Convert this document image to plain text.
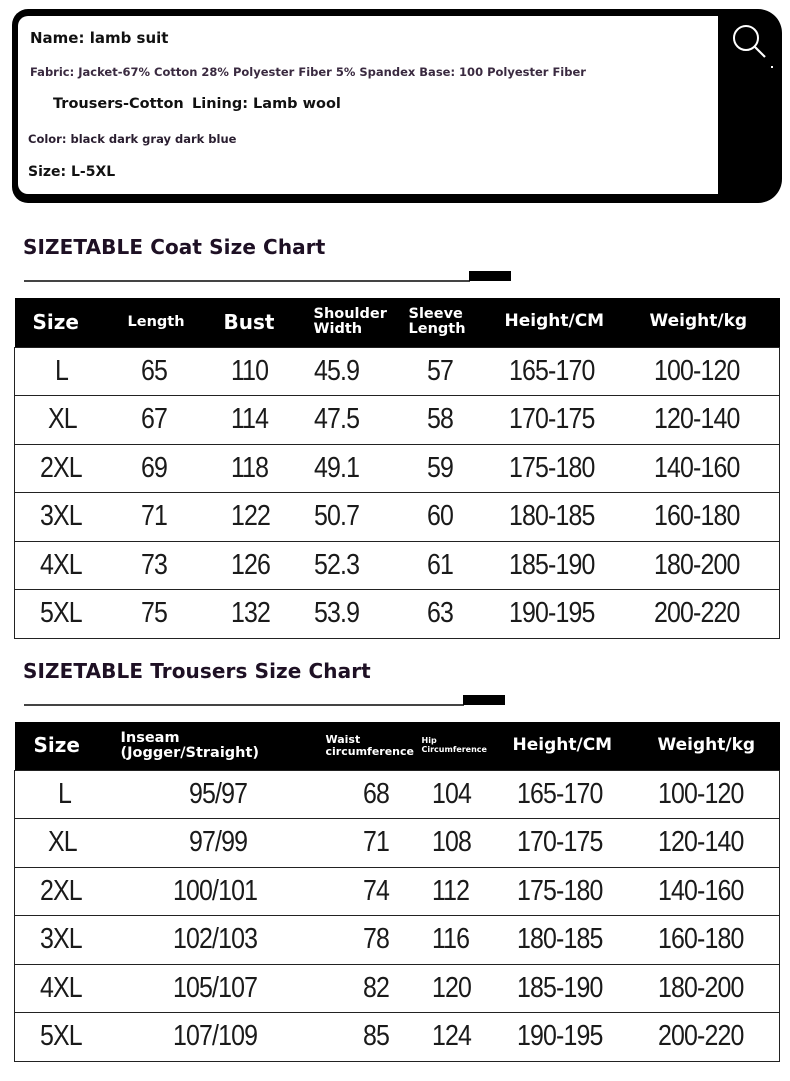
Name: lamb suit
Fabric: Jacket-67% Cotton 28% Polyester Fiber 5% Spandex Base: 100 Polyester Fiber
Trousers-Cotton Lining: Lamb wool
Color: black dark gray dark blue
Size: L-5XL
SIZETABLE Coat Size Chart
Size	Length	Bust	Shoulder
Width

Sleeve
Length	Height/CM	Weight/kg
L	65	110	45.9	57	165-170	100-120
XL	67	114	47.5	58	170-175	120-140
2XL	69	118	49.1	59	175-180	140-160
3XL	71	122	50.7	60	180-185	160-180
4XL	73	126	52.3	61	185-190	180-200
5XL	75	132	53.9	63	190-195	200-220
SIZETABLE Trousers Size Chart
Size	Inseam (Jogger/Straight)	
Waist
circumference

Hip
Circumference	Height/CM	Weight/kg
L	95/97	68	104	165-170	100-120
XL	97/99	71	108	170-175	120-140
2XL	100/101	74	112	175-180	140-160
3XL	102/103	78	116	180-185	160-180
4XL	105/107	82	120	185-190	180-200
5XL	107/109	85	124	190-195	200-220
